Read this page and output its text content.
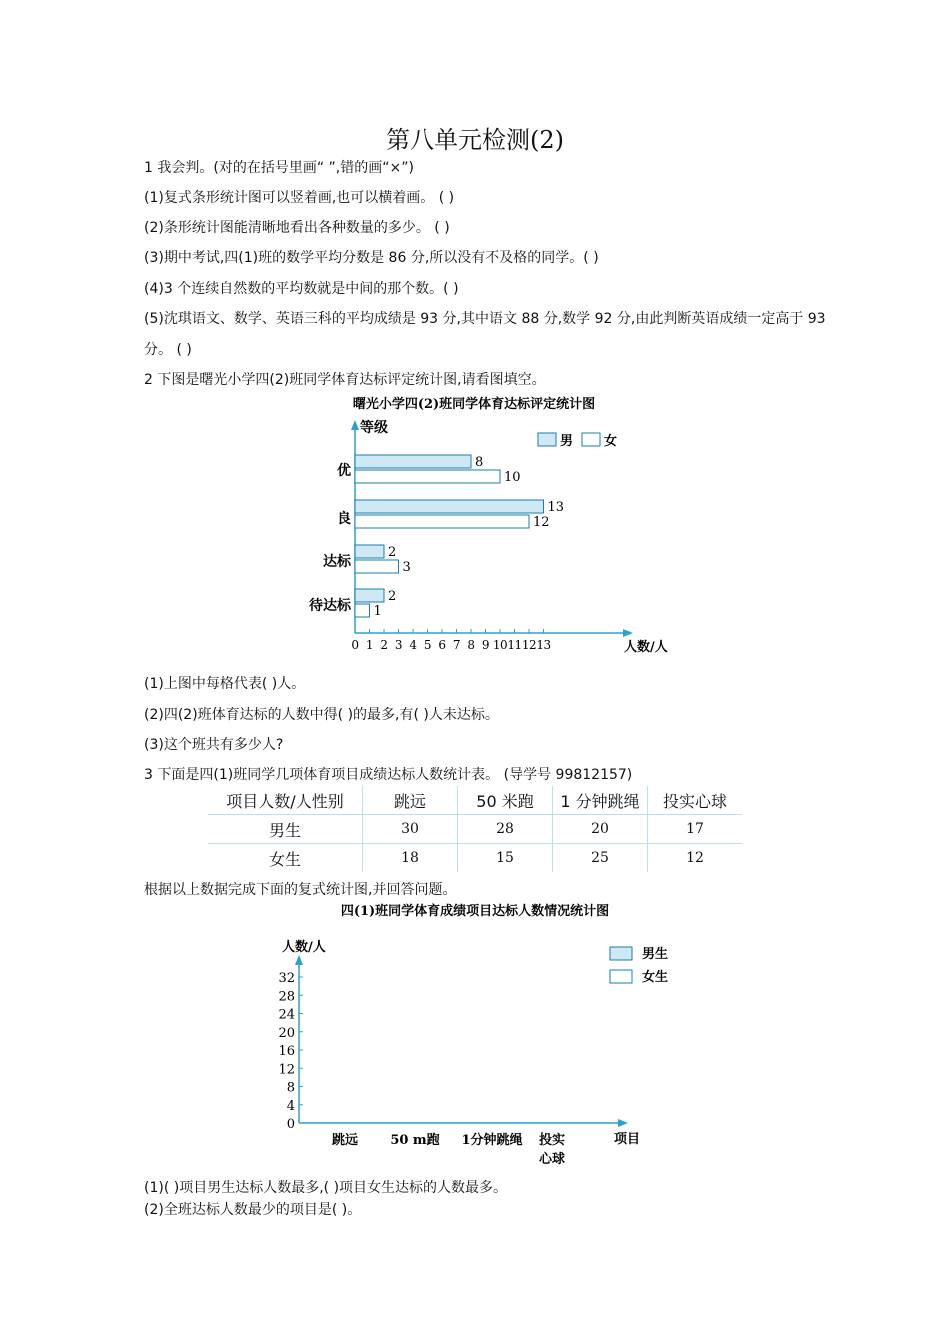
第八单元检测(2)
1 我会判。(对的在括号里画“ ”,错的画“×”)
(1)复式条形统计图可以竖着画,也可以横着画。 ( )
(2)条形统计图能清晰地看出各种数量的多少。 ( )
(3)期中考试,四(1)班的数学平均分数是 86 分,所以没有不及格的同学。( )
(4)3 个连续自然数的平均数就是中间的那个数。( )
(5)沈琪语文、数学、英语三科的平均成绩是 93 分,其中语文 88 分,数学 92 分,由此判断英语成绩一定高于 93
分。 ( )
2 下图是曙光小学四(2)班同学体育达标评定统计图,请看图填空。
曙光小学四(2)班同学体育达标评定统计图
0 1 2 3 4 5 6 7 8 9 10 11 12 13
优
良
达标
待达标
8
10
13
12
2
3
2
1
等级
人数/人
男 女
(1)上图中每格代表( )人。
(2)四(2)班体育达标的人数中得( )的最多,有( )人未达标。
(3)这个班共有多少人?
3 下面是四(1)班同学几项体育项目成绩达标人数统计表。 (导学号 99812157)
项目人数/人性别	跳远	50 米跑	1 分钟跳绳	投实心球
男生	30	28	20	17
女生	18	15	25	12
根据以上数据完成下面的复式统计图,并回答问题。
四(1)班同学体育成绩项目达标人数情况统计图
0
4
8
12
16
20
24
28
32
跳远 50 m跑 1分钟跳绳 投实心球
人数/人
项目
男生
女生
(1)( )项目男生达标人数最多,( )项目女生达标的人数最多。
(2)全班达标人数最少的项目是( )。
